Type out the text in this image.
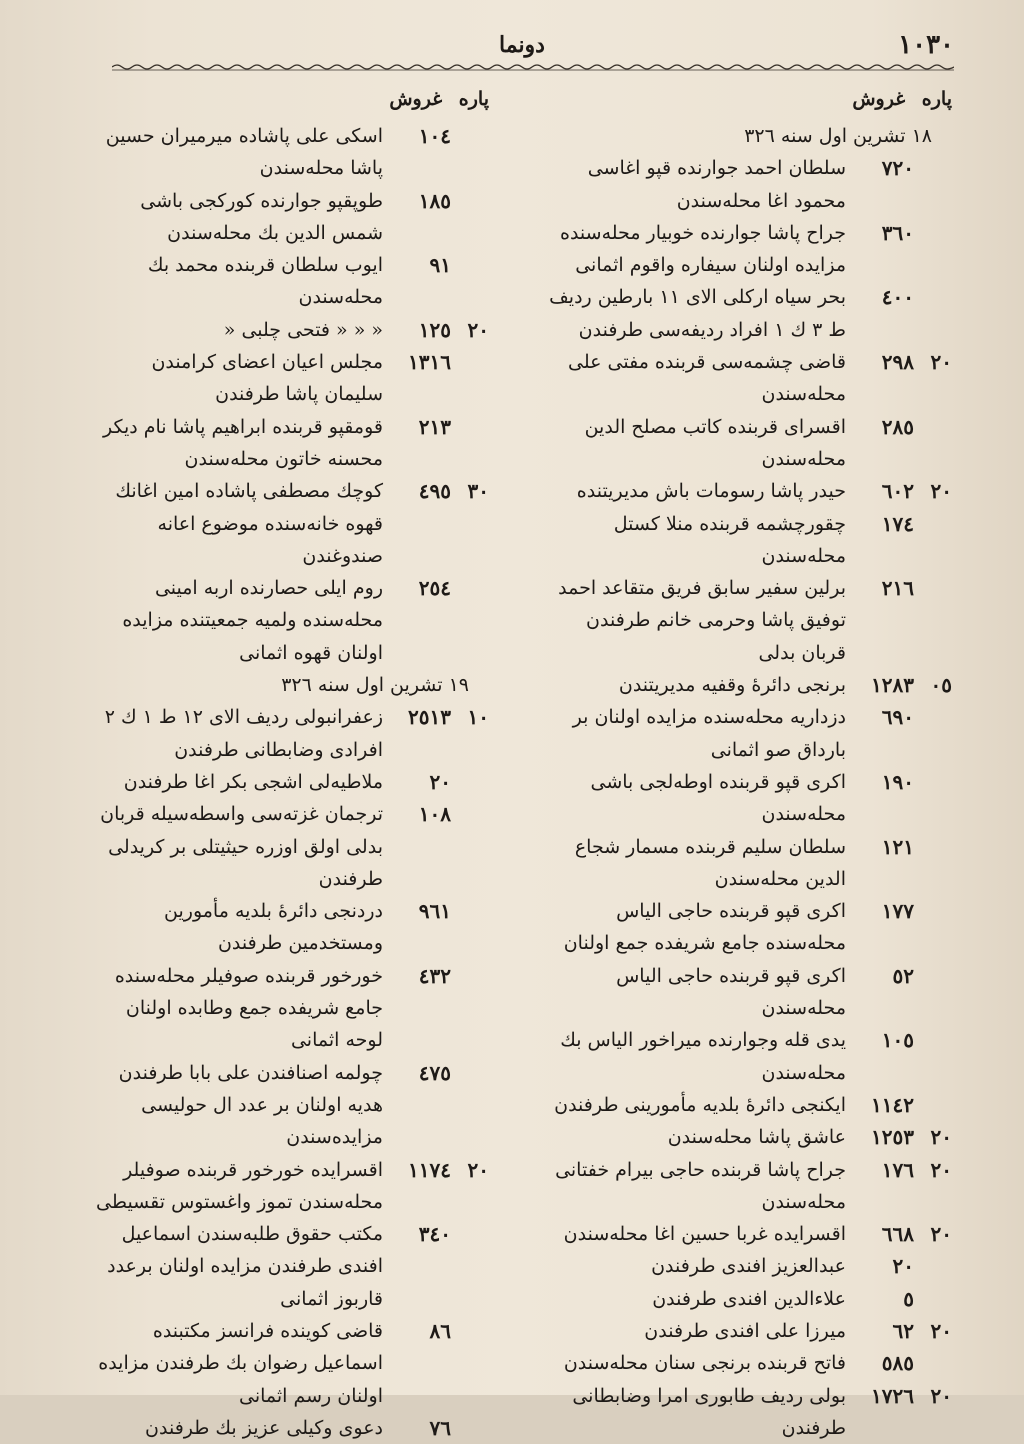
دونما	١٠٣٠
پاره غروش
١٨ تشرين اول سنه ٣٢٦
٧٢٠
سلطان احمد جوارنده قپو اغاسى محمود اغا محله‌سندن
٣٦٠
جراح پاشا جوارنده خوبيار محله‌سنده مزايده اولنان سيفاره واقوم اثمانى
٤٠٠
بحر سياه اركلى الاى ١١ بارطين رديف ط ٣ ك ١ افراد رديفه‌سى طرفندن
٢٠
٢٩٨
قاضى چشمه‌سى قربنده مفتى على محله‌سندن
٢٨٥
اقسراى قربنده كاتب مصلح الدين محله‌سندن
٢٠
٦٠٢
حيدر پاشا رسومات باش مديريتنده
١٧٤
چقورچشمه قربنده منلا كستل محله‌سندن
٢١٦
برلين سفير سابق فريق متقاعد احمد توفيق پاشا وحرمى خانم طرفندن قربان بدلى
٠٥
١٢٨٣
برنجى دائرهٔ وقفيه مديريتندن
٦٩٠
دزداريه محله‌سنده مزايده اولنان بر بارداق صو اثمانى
١٩٠
اكرى قپو قربنده اوطه‌لجى باشى محله‌سندن
١٢١
سلطان سليم قربنده مسمار شجاع الدين محله‌سندن
١٧٧
اكرى قپو قربنده حاجى الياس محله‌سنده جامع شريفده جمع اولنان
٥٢
اكرى قپو قربنده حاجى الياس محله‌سندن
١٠٥
يدى قله وجوارنده ميراخور الياس بك محله‌سندن
١١٤٢
ايكنجى دائرهٔ بلديه مأمورينى طرفندن
٢٠
١٢٥٣
عاشق پاشا محله‌سندن
٢٠
١٧٦
جراح پاشا قربنده حاجى بيرام خفتانى محله‌سندن
٢٠
٦٦٨
اقسرايده غربا حسين اغا محله‌سندن
٢٠
عبدالعزيز افندى طرفندن
٥
علاءالدين افندى طرفندن
٢٠
٦٢
ميرزا على افندى طرفندن
٥٨٥
فاتح قربنده برنجى سنان محله‌سندن
٢٠
١٧٢٦
بولى رديف طابورى امرا وضابطانى طرفندن
پاره غروش
١٠٤
اسكى على پاشاده ميرميران حسين پاشا محله‌سندن
١٨٥
طوپقپو جوارنده كوركجى باشى شمس الدين بك محله‌سندن
٩١
ايوب سلطان قربنده محمد بك محله‌سندن
٢٠
١٢٥
« « « فتحى چلبى «
١٣١٦
مجلس اعيان اعضاى كرامندن سليمان پاشا طرفندن
٢١٣
قومقپو قربنده ابراهيم پاشا نام ديكر محسنه خاتون محله‌سندن
٣٠
٤٩٥
كوچك مصطفى پاشاده امين اغانك قهوه خانه‌سنده موضوع اعانه صندوغندن
٢٥٤
روم ايلى حصارنده اربه امينى محله‌سنده ولميه جمعيتنده مزايده اولنان قهوه اثمانى
١٩ تشرين اول سنه ٣٢٦
١٠
٢٥١٣
زعفرانبولى رديف الاى ١٢ ط ١ ك ٢ افرادى وضابطانى طرفندن
٢٠
ملاطيه‌لى اشجى بكر اغا طرفندن
١٠٨
ترجمان غزته‌سى واسطه‌سيله قربان بدلى اولق اوزره حيثيتلى بر كريدلى طرفندن
٩٦١
دردنجى دائرهٔ بلديه مأمورين ومستخدمين طرفندن
٤٣٢
خورخور قربنده صوفيلر محله‌سنده جامع شريفده جمع وطابده اولنان لوحه اثمانى
٤٧٥
چولمه اصنافندن على بابا طرفندن هديه اولنان بر عدد ال حوليسى مزايده‌سندن
٢٠
١١٧٤
اقسرايده خورخور قربنده صوفيلر محله‌سندن تموز واغستوس تقسيطى
٣٤٠
مكتب حقوق طلبه‌سندن اسماعيل افندى طرفندن مزايده اولنان برعدد قاربوز اثمانى
٨٦
قاضى كوينده فرانسز مكتبنده اسماعيل رضوان بك طرفندن مزايده اولنان رسم اثمانى
٧٦
دعوى وكيلى عزيز بك طرفندن
